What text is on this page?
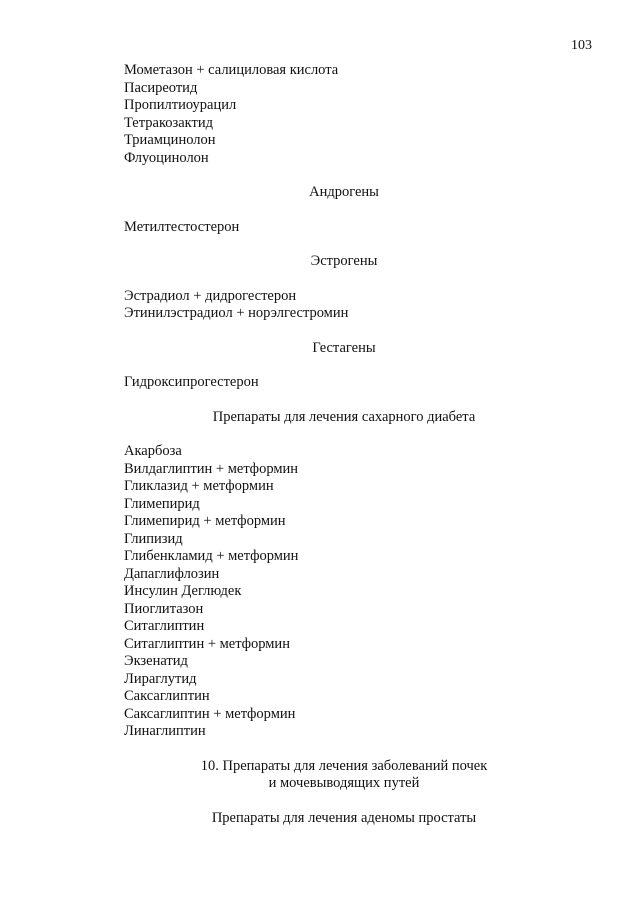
103
Мометазон + салициловая кислота
Пасиреотид
Пропилтиоурацил
Тетракозактид
Триамцинолон
Флуоцинолон
Андрогены
Метилтестостерон
Эстрогены
Эстрадиол + дидрогестерон
Этинилэстрадиол + норэлгестромин
Гестагены
Гидроксипрогестерон
Препараты для лечения сахарного диабета
Акарбоза
Вилдаглиптин + метформин
Гликлазид + метформин
Глимепирид
Глимепирид + метформин
Глипизид
Глибенкламид + метформин
Дапаглифлозин
Инсулин Деглюдек
Пиоглитазон
Ситаглиптин
Ситаглиптин + метформин
Экзенатид
Лираглутид
Саксаглиптин
Саксаглиптин + метформин
Линаглиптин
10. Препараты для лечения заболеваний почек
и мочевыводящих путей
Препараты для лечения аденомы простаты
